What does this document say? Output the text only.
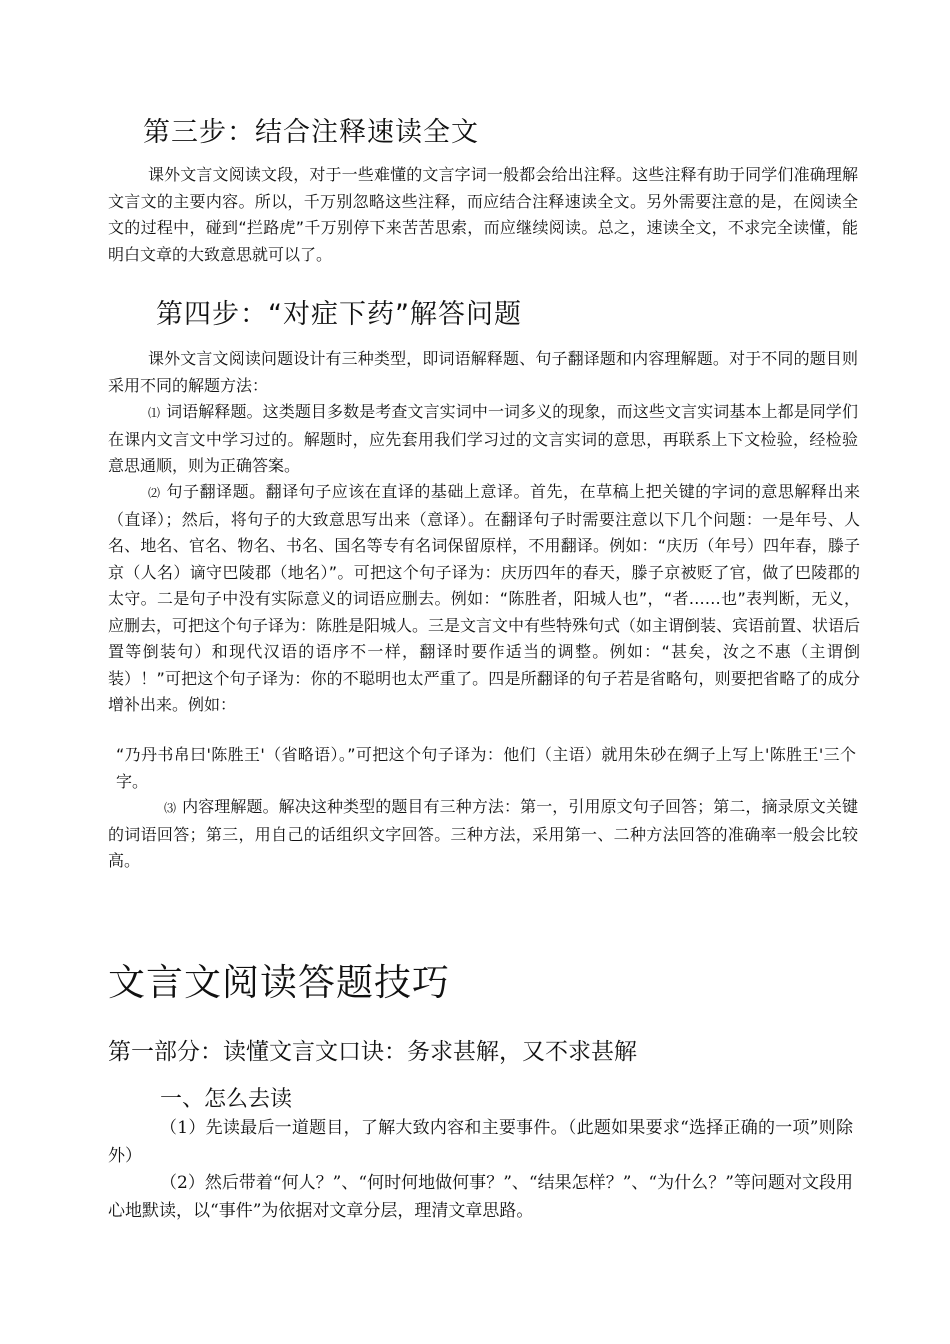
第三步：结合注释速读全文
课外文言文阅读文段，对于一些难懂的文言字词一般都会给出注释。这些注释有助于同学们准确理解文言文的主要内容。所以，千万别忽略这些注释，而应结合注释速读全文。另外需要注意的是，在阅读全文的过程中，碰到“拦路虎”千万别停下来苦苦思索，而应继续阅读。总之，速读全文，不求完全读懂，能明白文章的大致意思就可以了。
第四步：“对症下药”解答问题
课外文言文阅读问题设计有三种类型，即词语解释题、句子翻译题和内容理解题。对于不同的题目则采用不同的解题方法：
⑴ 词语解释题。这类题目多数是考查文言实词中一词多义的现象，而这些文言实词基本上都是同学们在课内文言文中学习过的。解题时，应先套用我们学习过的文言实词的意思，再联系上下文检验，经检验意思通顺，则为正确答案。
⑵ 句子翻译题。翻译句子应该在直译的基础上意译。首先，在草稿上把关键的字词的意思解释出来（直译）；然后，将句子的大致意思写出来（意译）。在翻译句子时需要注意以下几个问题：一是年号、人名、地名、官名、物名、书名、国名等专有名词保留原样，不用翻译。例如：“庆历（年号）四年春，滕子京（人名）谪守巴陵郡（地名）”。可把这个句子译为：庆历四年的春天，滕子京被贬了官，做了巴陵郡的太守。二是句子中没有实际意义的词语应删去。例如：“陈胜者，阳城人也”，“者……也”表判断，无义，应删去，可把这个句子译为：陈胜是阳城人。三是文言文中有些特殊句式（如主谓倒装、宾语前置、状语后置等倒装句）和现代汉语的语序不一样，翻译时要作适当的调整。例如：“甚矣，汝之不惠（主谓倒装）！”可把这个句子译为：你的不聪明也太严重了。四是所翻译的句子若是省略句，则要把省略了的成分增补出来。例如：
“乃丹书帛曰'陈胜王'（省略语）。”可把这个句子译为：他们（主语）就用朱砂在绸子上写上'陈胜王'三个字。
⑶ 内容理解题。解决这种类型的题目有三种方法：第一，引用原文句子回答；第二，摘录原文关键的词语回答；第三，用自己的话组织文字回答。三种方法，采用第一、二种方法回答的准确率一般会比较高。
文言文阅读答题技巧
第一部分：读懂文言文口诀：务求甚解，又不求甚解
一、怎么去读
（1）先读最后一道题目，了解大致内容和主要事件。（此题如果要求“选择正确的一项”则除外）
（2）然后带着“何人？”、“何时何地做何事？”、“结果怎样？”、“为什么？”等问题对文段用心地默读，以“事件”为依据对文章分层，理清文章思路。
